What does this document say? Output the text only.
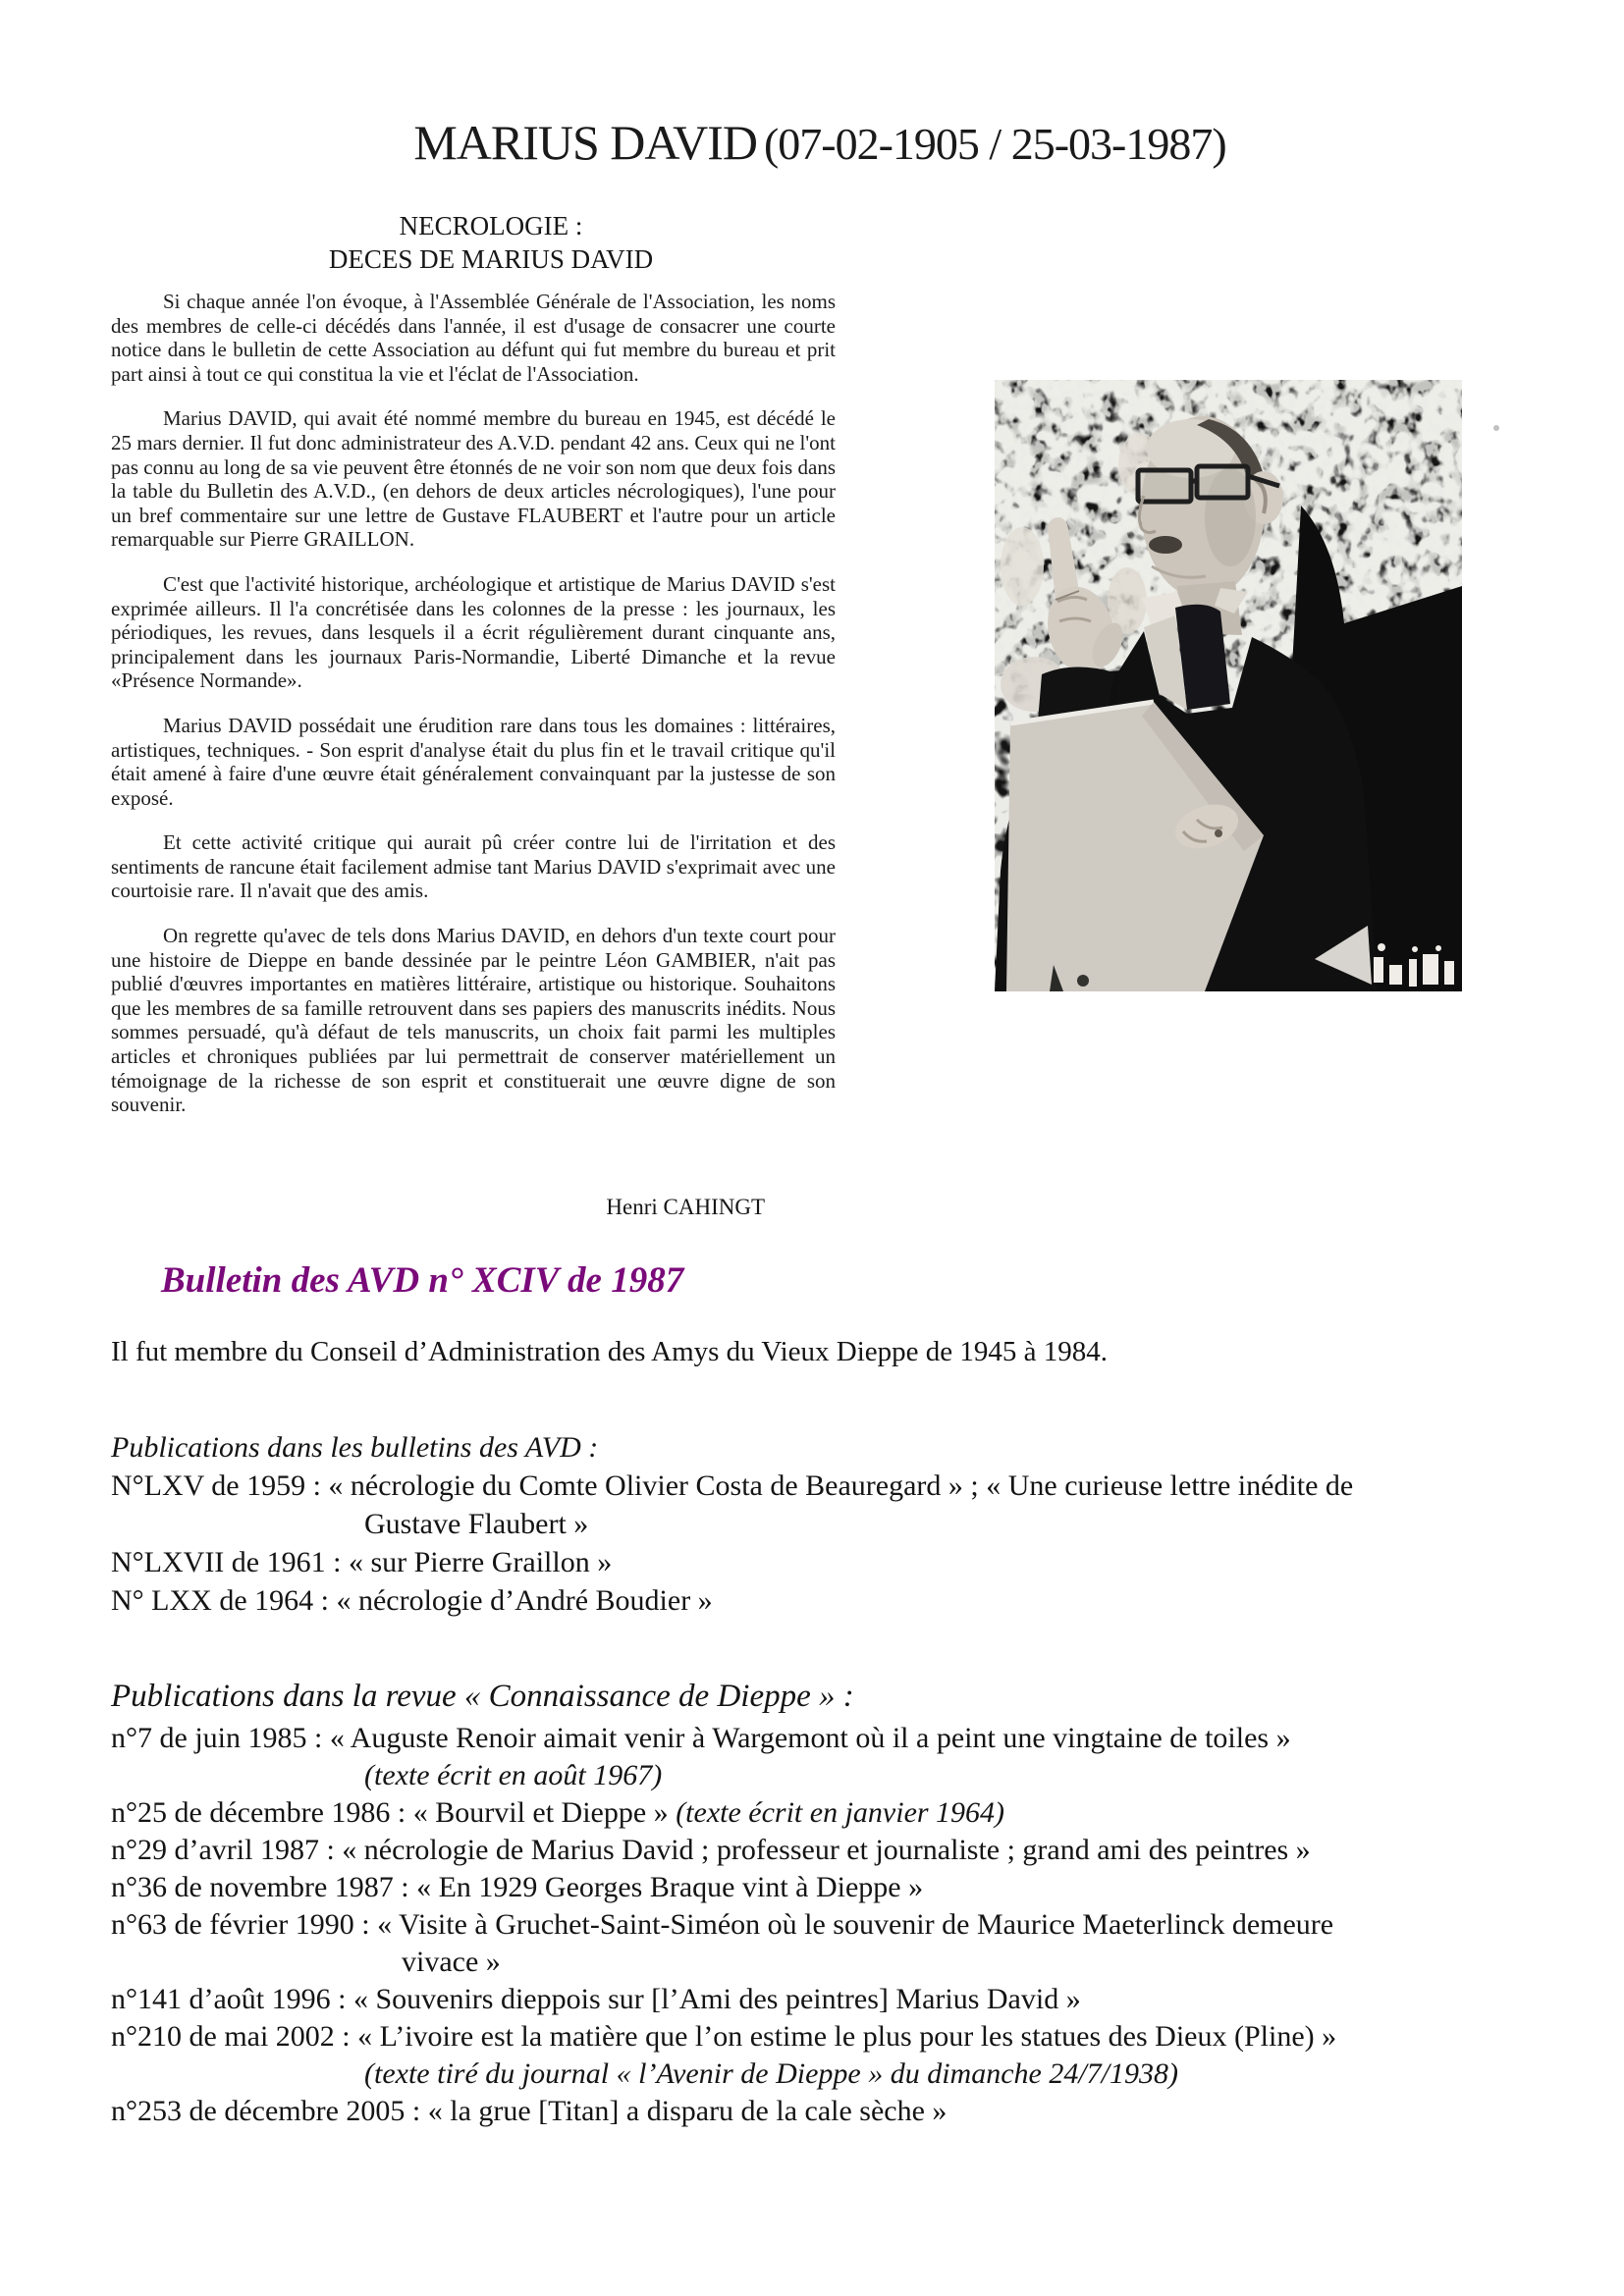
MARIUS DAVID (07-02-1905 / 25-03-1987)
NECROLOGIE :
DECES DE MARIUS DAVID

Si chaque année l'on évoque, à l'Assemblée Générale de l'Association, les noms des membres de celle-ci décédés dans l'année, il est d'usage de consacrer une courte notice dans le bulletin de cette Association au défunt qui fut membre du bureau et prit part ainsi à tout ce qui constitua la vie et l'éclat de l'Association.

Marius DAVID, qui avait été nommé membre du bureau en 1945, est décédé le 25 mars dernier. Il fut donc administrateur des A.V.D. pendant 42 ans. Ceux qui ne l'ont pas connu au long de sa vie peuvent être étonnés de ne voir son nom que deux fois dans la table du Bulletin des A.V.D., (en dehors de deux articles nécrologiques), l'une pour un bref commentaire sur une lettre de Gustave FLAUBERT et l'autre pour un article remarquable sur Pierre GRAILLON.

C'est que l'activité historique, archéologique et artistique de Marius DAVID s'est exprimée ailleurs. Il l'a concrétisée dans les colonnes de la presse : les journaux, les périodiques, les revues, dans lesquels il a écrit régulièrement durant cinquante ans, principalement dans les journaux Paris-Normandie, Liberté Dimanche et la revue «Présence Normande».

Marius DAVID possédait une érudition rare dans tous les domaines : littéraires, artistiques, techniques. - Son esprit d'analyse était du plus fin et le travail critique qu'il était amené à faire d'une œuvre était généralement convainquant par la justesse de son exposé.

Et cette activité critique qui aurait pû créer contre lui de l'irritation et des sentiments de rancune était facilement admise tant Marius DAVID s'exprimait avec une courtoisie rare. Il n'avait que des amis.

On regrette qu'avec de tels dons Marius DAVID, en dehors d'un texte court pour une histoire de Dieppe en bande dessinée par le peintre Léon GAMBIER, n'ait pas publié d'œuvres importantes en matières littéraire, artistique ou historique. Souhaitons que les membres de sa famille retrouvent dans ses papiers des manuscrits inédits. Nous sommes persuadé, qu'à défaut de tels manuscrits, un choix fait parmi les multiples articles et chroniques publiées par lui permettrait de conserver matériellement un témoignage de la richesse de son esprit et constituerait une œuvre digne de son souvenir.

Henri CAHINGT
Bulletin des AVD n° XCIV de 1987
Il fut membre du Conseil d’Administration des Amys du Vieux Dieppe de 1945 à 1984.
Publications dans les bulletins des AVD :
N°LXV de 1959 : « nécrologie du Comte Olivier Costa de Beauregard » ; « Une curieuse lettre inédite de
Gustave Flaubert »
N°LXVII de 1961 : « sur Pierre Graillon »
N° LXX de 1964 : « nécrologie d’André Boudier »
Publications dans la revue « Connaissance de Dieppe » :
n°7 de juin 1985 : « Auguste Renoir aimait venir à Wargemont où il a peint une vingtaine de toiles »
(texte écrit en août 1967)
n°25 de décembre 1986 : « Bourvil et Dieppe » (texte écrit en janvier 1964)
n°29 d’avril 1987 : « nécrologie de Marius David ; professeur et journaliste ; grand ami des peintres »
n°36 de novembre 1987 : « En 1929 Georges Braque vint à Dieppe »
n°63 de février 1990 : « Visite à Gruchet-Saint-Siméon où le souvenir de Maurice Maeterlinck demeure
vivace »
n°141 d’août 1996 : « Souvenirs dieppois sur [l’Ami des peintres] Marius David »
n°210 de mai 2002 : « L’ivoire est la matière que l’on estime le plus pour les statues des Dieux (Pline) »
(texte tiré du journal « l’Avenir de Dieppe » du dimanche 24/7/1938)
n°253 de décembre 2005 : « la grue [Titan] a disparu de la cale sèche »
